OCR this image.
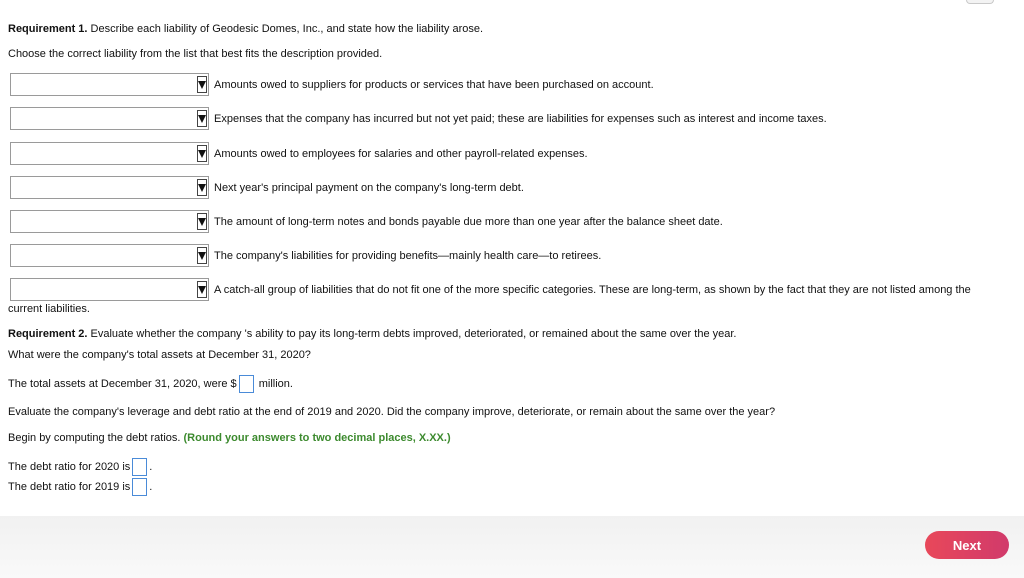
Requirement 1. Describe each liability of Geodesic Domes, Inc., and state how the liability arose.
Choose the correct liability from the list that best fits the description provided.
Amounts owed to suppliers for products or services that have been purchased on account.
Expenses that the company has incurred but not yet paid; these are liabilities for expenses such as interest and income taxes.
Amounts owed to employees for salaries and other payroll-related expenses.
Next year's principal payment on the company's long-term debt.
The amount of long-term notes and bonds payable due more than one year after the balance sheet date.
The company's liabilities for providing benefits—mainly health care—to retirees.
A catch-all group of liabilities that do not fit one of the more specific categories. These are long-term, as shown by the fact that they are not listed among the
current liabilities.
Requirement 2. Evaluate whether the company 's ability to pay its long-term debts improved, deteriorated, or remained about the same over the year.
What were the company's total assets at December 31, 2020?
The total assets at December 31, 2020, were $ million.
Evaluate the company's leverage and debt ratio at the end of 2019 and 2020. Did the company improve, deteriorate, or remain about the same over the year?
Begin by computing the debt ratios. (Round your answers to two decimal places, X.XX.)
The debt ratio for 2020 is .
The debt ratio for 2019 is .
Next
